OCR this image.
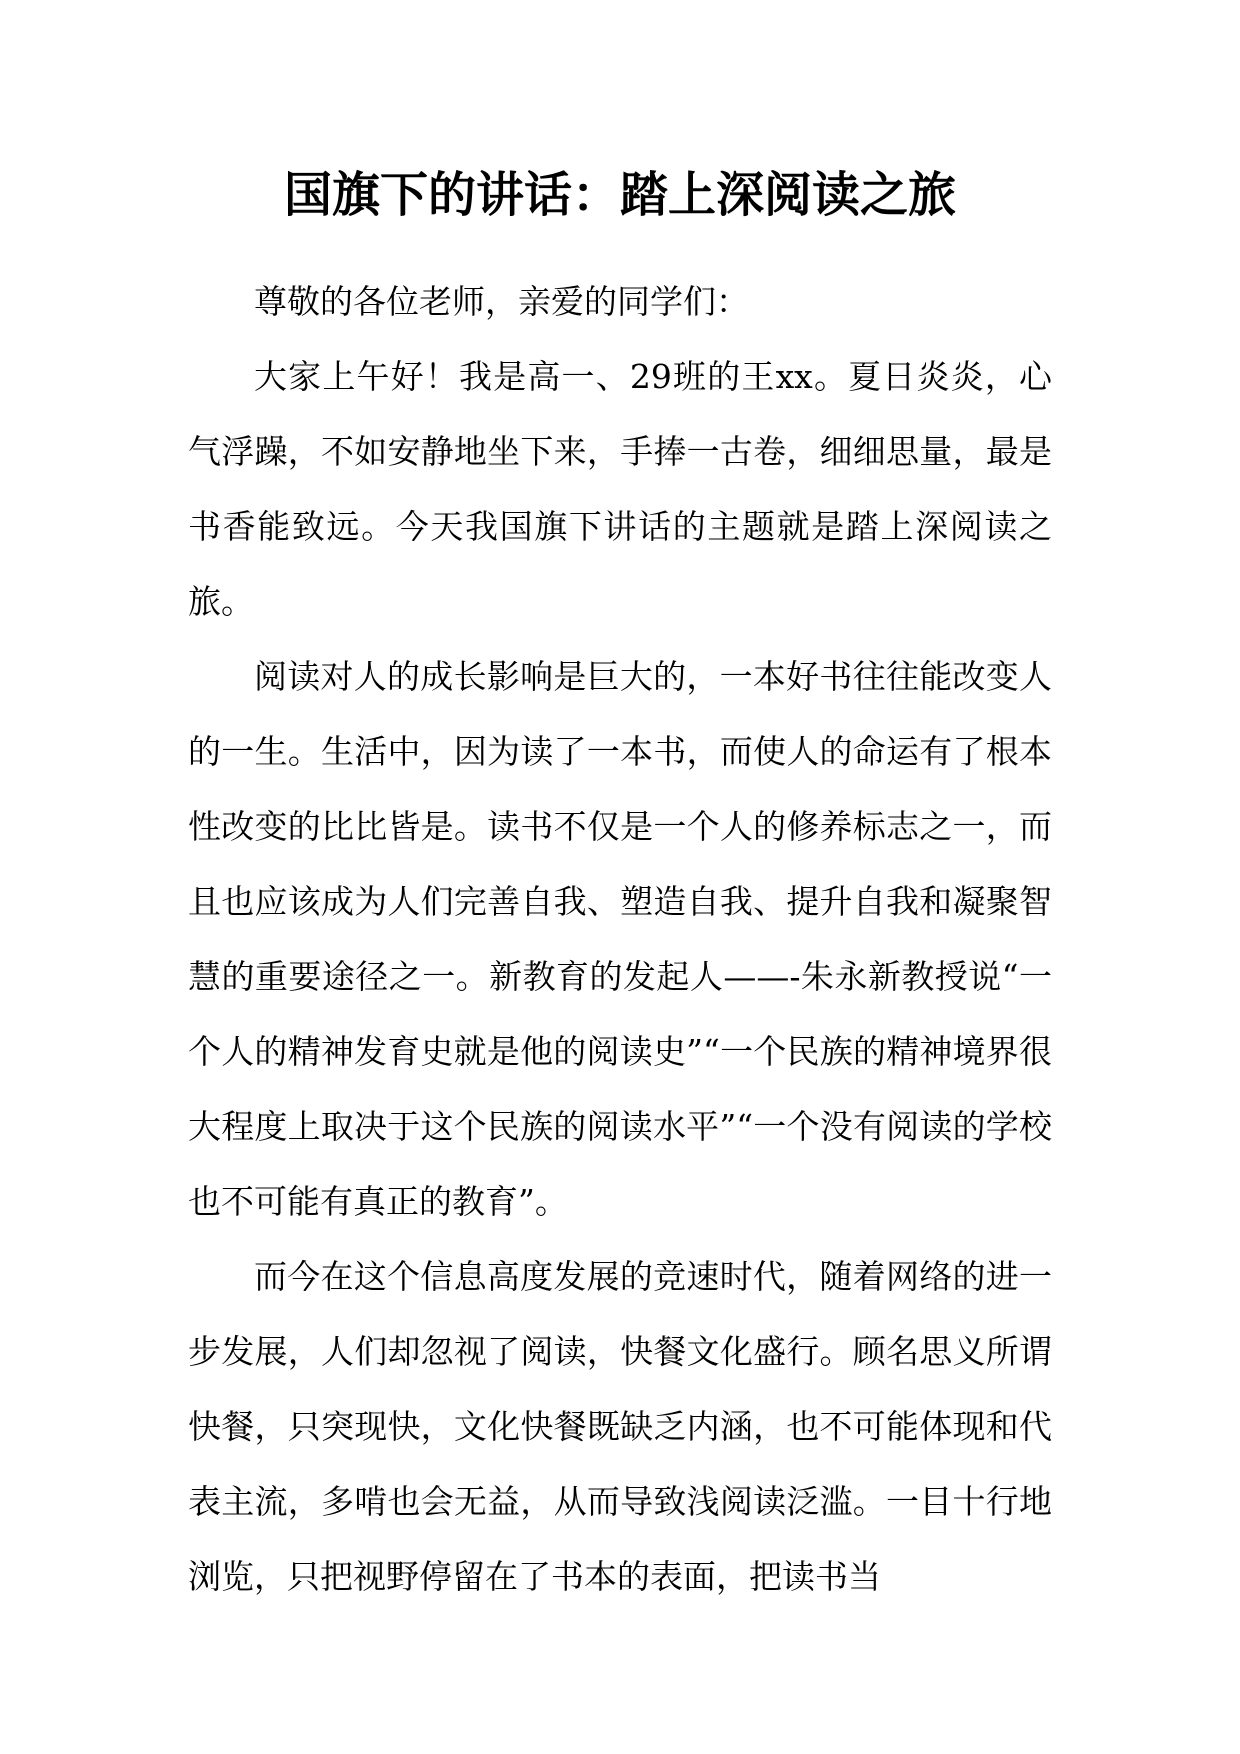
国旗下的讲话：踏上深阅读之旅

尊敬的各位老师，亲爱的同学们：

大家上午好！我是高一、29班的王xx。夏日炎炎，心气浮躁，不如安静地坐下来，手捧一古卷，细细思量，最是书香能致远。今天我国旗下讲话的主题就是踏上深阅读之旅。

阅读对人的成长影响是巨大的，一本好书往往能改变人的一生。生活中，因为读了一本书，而使人的命运有了根本性改变的比比皆是。读书不仅是一个人的修养标志之一，而且也应该成为人们完善自我、塑造自我、提升自我和凝聚智慧的重要途径之一。新教育的发起人——-朱永新教授说“一个人的精神发育史就是他的阅读史”“一个民族的精神境界很大程度上取决于这个民族的阅读水平”“一个没有阅读的学校也不可能有真正的教育”。

而今在这个信息高度发展的竞速时代，随着网络的进一步发展，人们却忽视了阅读，快餐文化盛行。顾名思义所谓快餐，只突现快，文化快餐既缺乏内涵，也不可能体现和代表主流，多啃也会无益，从而导致浅阅读泛滥。一目十行地浏览，只把视野停留在了书本的表面，把读书当
